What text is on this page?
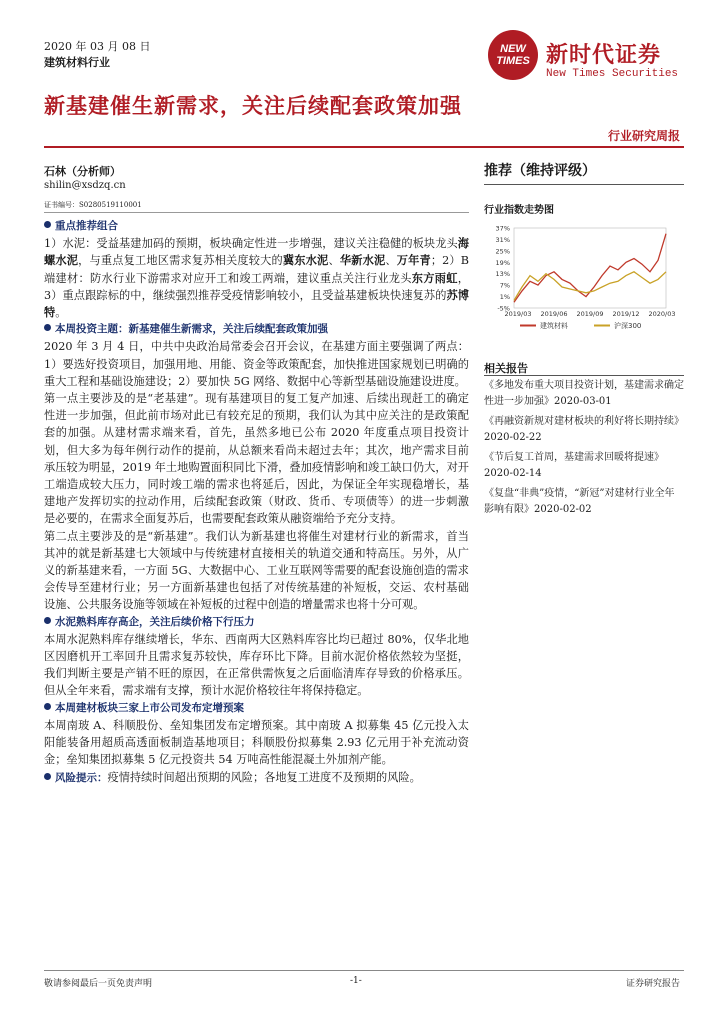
2020 年 03 月 08 日
建筑材料行业
NEW
TIMES 新时代证券
New Times Securities
新基建催生新需求，关注后续配套政策加强
行业研究周报
石林（分析师）
shilin@xsdzq.cn
证书编号：S0280519110001
重点推荐组合

1）水泥：受益基建加码的预期，板块确定性进一步增强，建议关注稳健的板块龙头海螺水泥，与重点复工地区需求复苏相关度较大的冀东水泥、华新水泥、万年青；2）B 端建材：防水行业下游需求对应开工和竣工两端，建议重点关注行业龙头东方雨虹，3）重点跟踪标的中，继续强烈推荐受疫情影响较小，且受益基建板块快速复苏的苏博特。

本周投资主题：新基建催生新需求，关注后续配套政策加强

2020 年 3 月 4 日，中共中央政治局常委会召开会议，在基建方面主要强调了两点：1）要选好投资项目，加强用地、用能、资金等政策配套，加快推进国家规划已明确的重大工程和基础设施建设；2）要加快 5G 网络、数据中心等新型基础设施建设进度。

第一点主要涉及的是“老基建”。现有基建项目的复工复产加速、后续出现赶工的确定性进一步加强，但此前市场对此已有较充足的预期，我们认为其中应关注的是政策配套的加强。从建材需求端来看，首先，虽然多地已公布 2020 年度重点项目投资计划，但大多为每年例行动作的提前，从总额来看尚未超过去年；其次，地产需求目前承压较为明显，2019 年土地购置面积同比下滑，叠加疫情影响和竣工缺口仍大，对开工端造成较大压力，同时竣工端的需求也将延后，因此，为保证全年实现稳增长，基建地产发挥切实的拉动作用，后续配套政策（财政、货币、专项债等）的进一步刺激是必要的，在需求全面复苏后，也需要配套政策从融资端给予充分支持。

第二点主要涉及的是“新基建”。我们认为新基建也将催生对建材行业的新需求，首当其冲的就是新基建七大领域中与传统建材直接相关的轨道交通和特高压。另外，从广义的新基建来看，一方面 5G、大数据中心、工业互联网等需要的配套设施创造的需求会传导至建材行业；另一方面新基建也包括了对传统基建的补短板，交运、农村基础设施、公共服务设施等领域在补短板的过程中创造的增量需求也将十分可观。

水泥熟料库存高企，关注后续价格下行压力

本周水泥熟料库存继续增长，华东、西南两大区熟料库容比均已超过 80%，仅华北地区因磨机开工率回升且需求复苏较快，库存环比下降。目前水泥价格依然较为坚挺，我们判断主要是产销不旺的原因，在正常供需恢复之后面临清库存导致的价格承压。但从全年来看，需求端有支撑，预计水泥价格较往年将保持稳定。

本周建材板块三家上市公司发布定增预案

本周南玻 A、科顺股份、垒知集团发布定增预案。其中南玻 A 拟募集 45 亿元投入太阳能装备用超质高透面板制造基地项目；科顺股份拟募集 2.93 亿元用于补充流动资金；垒知集团拟募集 5 亿元投资共 54 万吨高性能混凝土外加剂产能。

风险提示：疫情持续时间超出预期的风险；各地复工进度不及预期的风险。

推荐（维持评级）
行业指数走势图
37%
31%
25%
19%
13%
7%
1%
-5%
2019/03 2019/06 2019/09 2019/12 2020/03
建筑材料	沪深300
相关报告
《多地发布重大项目投资计划，基建需求确定性进一步加强》2020-03-01
《再融资新规对建材板块的利好将长期持续》2020-02-22
《节后复工首周，基建需求回暖将提速》
2020-02-14
《复盘“非典”疫情，“新冠”对建材行业全年影响有限》2020-02-02
敬请参阅最后一页免责声明	-1-	证券研究报告
